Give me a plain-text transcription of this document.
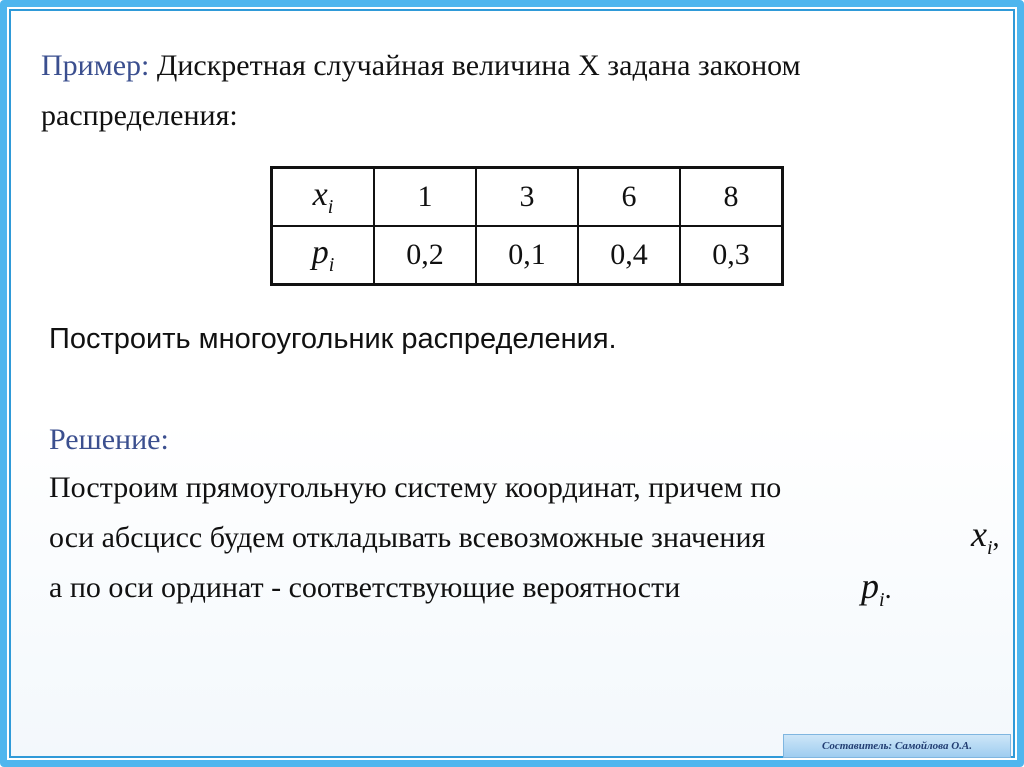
Пример: Дискретная случайная величина X задана законом
распределения:
$x_i$	1	3	6	8
$p_i$	0,2	0,1	0,4	0,3
Построить многоугольник распределения.
Решение:
Построим прямоугольную систему координат, причем по
оси абсцисс будем откладывать всевозможные значения
а по оси ординат - соответствующие вероятности
$x_i$,
$p_i$.
Составитель: Самойлова О.А.
